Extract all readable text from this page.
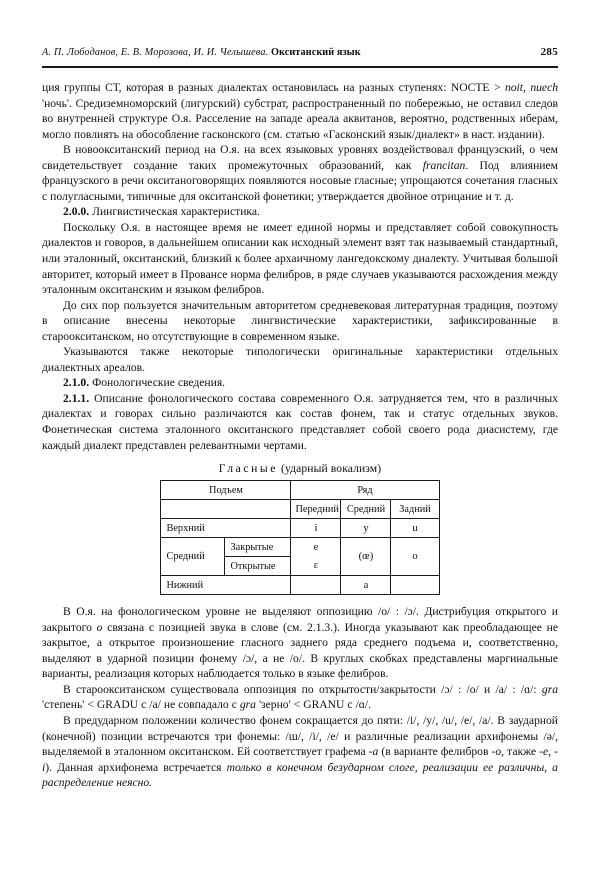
А. П. Лободанов, Е. В. Морозова, И. И. Челышева. Окситанский язык	285

ция группы СТ, которая в разных диалектах остановилась на разных ступенях: NOCTE > noit, nuech 'ночь'. Средиземноморский (лигурский) субстрат, распространенный по побережью, не оставил следов во внутренней структуре О.я. Расселение на западе ареала аквитанов, вероятно, родственных иберам, могло повлиять на обособление гасконского (см. статью «Гасконский язык/диалект» в наст. издании).

В новоокситанский период на О.я. на всех языковых уровнях воздействовал французский, о чем свидетельствует создание таких промежуточных образований, как francitan. Под влиянием французского в речи окситаноговорящих появляются носовые гласные; упрощаются сочетания гласных с полугласными, типичные для окситанской фонетики; утверждается двойное отрицание и т. д.

2.0.0. Лингвистическая характеристика.

Поскольку О.я. в настоящее время не имеет единой нормы и представляет собой совокупность диалектов и говоров, в дальнейшем описании как исходный элемент взят так называемый стандартный, или эталонный, окситанский, близкий к более архаичному лангедокскому диалекту. Учитывая большой авторитет, который имеет в Провансе норма фелибров, в ряде случаев указываются расхождения между эталонным окситанским и языком фелибров.

До сих пор пользуется значительным авторитетом средневековая литературная традиция, поэтому в описание внесены некоторые лингвистические характеристики, зафиксированные в староокситанском, но отсутствующие в современном языке.

Указываются также некоторые типологически оригинальные характеристики отдельных диалектных ареалов.

2.1.0. Фонологические сведения.

2.1.1. Описание фонологического состава современного О.я. затрудняется тем, что в различных диалектах и говорах сильно различаются как состав фонем, так и статус отдельных звуков. Фонетическая система эталонного окситанского представляет собой своего рода диасистему, где каждый диалект представлен релевантными чертами.

Гласные (ударный вокализм)
Подъем		Ряд		
		Передний	Средний	Задний
Верхний		i	y	u
Средний	Закрытые	e	(œ)	o
	Открытые	ɛ		
Нижний			a	

В О.я. на фонологическом уровне не выделяют оппозицию /o/ : /ɔ/. Дистрибуция открытого и закрытого o связана с позицией звука в слове (см. 2.1.3.). Иногда указывают как преобладающее не закрытое, а открытое произношение гласного заднего ряда среднего подъема и, соответственно, выделяют в ударной позиции фонему /ɔ/, а не /o/. В круглых скобках представлены маргинальные варианты, реализация которых наблюдается только в языке фелибров.

В староокситанском существовала оппозиция по открытости/закрытости /ɔ/ : /o/ и /a/ : /ɑ/: gra 'степень' < GRADU с /a/ не совпадало с gra 'зерно' < GRANU с /ɑ/.

В предударном положении количество фонем сокращается до пяти: /i/, /y/, /u/, /e/, /a/. В заударной (конечной) позиции встречаются три фонемы: /ɯ/, /i/, /e/ и различные реализации архифонемы /ə/, выделяемой в эталонном окситанском. Ей соответствует графема -a (в варианте фелибров -o, также -e, -i). Данная архифонема встречается только в конечном безударном слоге, реализации ее различны, а распределение неясно.
